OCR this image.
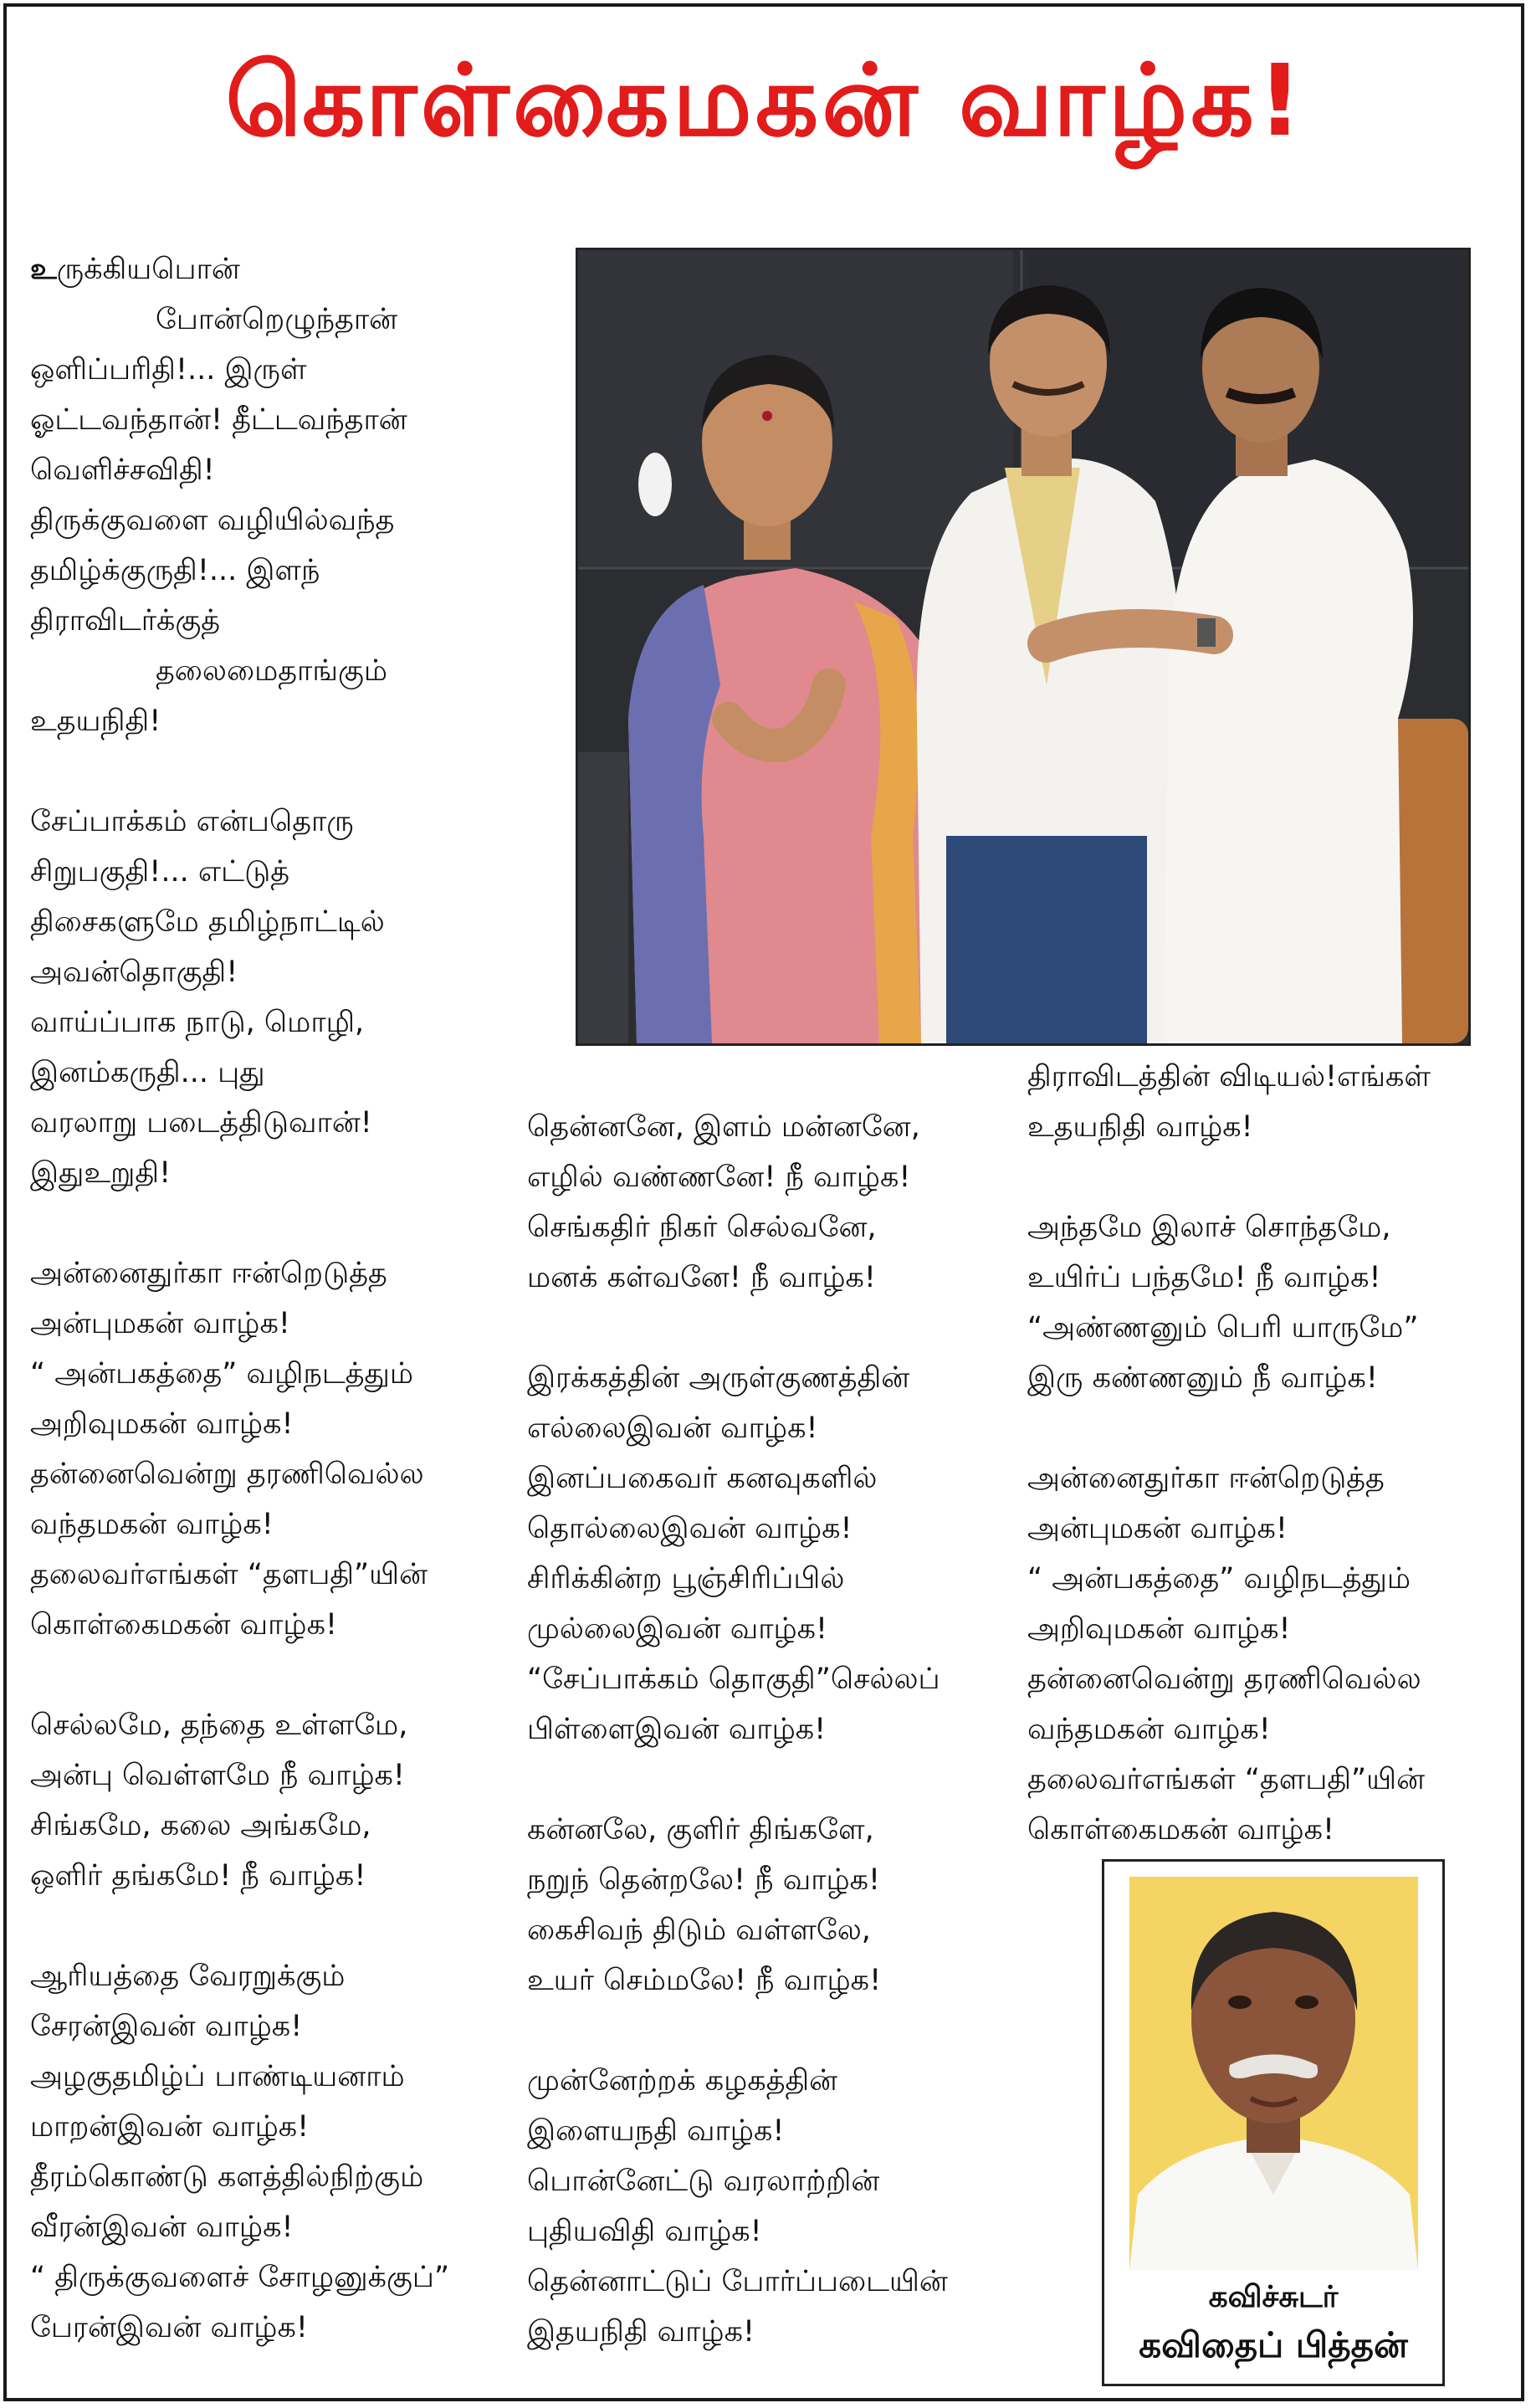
கொள்கைமகன் வாழ்க!
உருக்கியபொன்
போன்றெழுந்தான்
ஒளிப்பரிதி!... இருள்
ஓட்டவந்தான்! தீட்டவந்தான்
வெளிச்சவிதி!
திருக்குவளை வழியில்வந்த
தமிழ்க்குருதி!... இளந்
திராவிடர்க்குத்
தலைமைதாங்கும்
உதயநிதி!
சேப்பாக்கம் என்பதொரு
சிறுபகுதி!... எட்டுத்
திசைகளுமே தமிழ்நாட்டில்
அவன்தொகுதி!
வாய்ப்பாக நாடு, மொழி,
இனம்கருதி... புது
வரலாறு படைத்திடுவான்!
இதுஉறுதி!
அன்னைதுர்கா ஈன்றெடுத்த
அன்புமகன் வாழ்க!
“ அன்பகத்தை” வழிநடத்தும்
அறிவுமகன் வாழ்க!
தன்னைவென்று தரணிவெல்ல
வந்தமகன் வாழ்க!
தலைவர்எங்கள் “தளபதி”யின்
கொள்கைமகன் வாழ்க!
செல்லமே, தந்தை உள்ளமே,
அன்பு வெள்ளமே நீ வாழ்க!
சிங்கமே, கலை அங்கமே,
ஒளிர் தங்கமே! நீ வாழ்க!
ஆரியத்தை வேரறுக்கும்
சேரன்இவன் வாழ்க!
அழகுதமிழ்ப் பாண்டியனாம்
மாறன்இவன் வாழ்க!
தீரம்கொண்டு களத்தில்நிற்கும்
வீரன்இவன் வாழ்க!
“ திருக்குவளைச் சோழனுக்குப்”
பேரன்இவன் வாழ்க!
தென்னனே, இளம் மன்னனே,
எழில் வண்ணனே! நீ வாழ்க!
செங்கதிர் நிகர் செல்வனே,
மனக் கள்வனே! நீ வாழ்க!
இரக்கத்தின் அருள்குணத்தின்
எல்லைஇவன் வாழ்க!
இனப்பகைவர் கனவுகளில்
தொல்லைஇவன் வாழ்க!
சிரிக்கின்ற பூஞ்சிரிப்பில்
முல்லைஇவன் வாழ்க!
“சேப்பாக்கம் தொகுதி”செல்லப்
பிள்ளைஇவன் வாழ்க!
கன்னலே, குளிர் திங்களே,
நறுந் தென்றலே! நீ வாழ்க!
கைசிவந் திடும் வள்ளலே,
உயர் செம்மலே! நீ வாழ்க!
முன்னேற்றக் கழகத்தின்
இளையநதி வாழ்க!
பொன்னேட்டு வரலாற்றின்
புதியவிதி வாழ்க!
தென்னாட்டுப் போர்ப்படையின்
இதயநிதி வாழ்க!
திராவிடத்தின் விடியல்!எங்கள்
உதயநிதி வாழ்க!
அந்தமே இலாச் சொந்தமே,
உயிர்ப் பந்தமே! நீ வாழ்க!
“அண்ணனும் பெரி யாருமே”
இரு கண்ணனும் நீ வாழ்க!
அன்னைதுர்கா ஈன்றெடுத்த
அன்புமகன் வாழ்க!
“ அன்பகத்தை” வழிநடத்தும்
அறிவுமகன் வாழ்க!
தன்னைவென்று தரணிவெல்ல
வந்தமகன் வாழ்க!
தலைவர்எங்கள் “தளபதி”யின்
கொள்கைமகன் வாழ்க!
கவிச்சுடர்
கவிதைப் பித்தன்
